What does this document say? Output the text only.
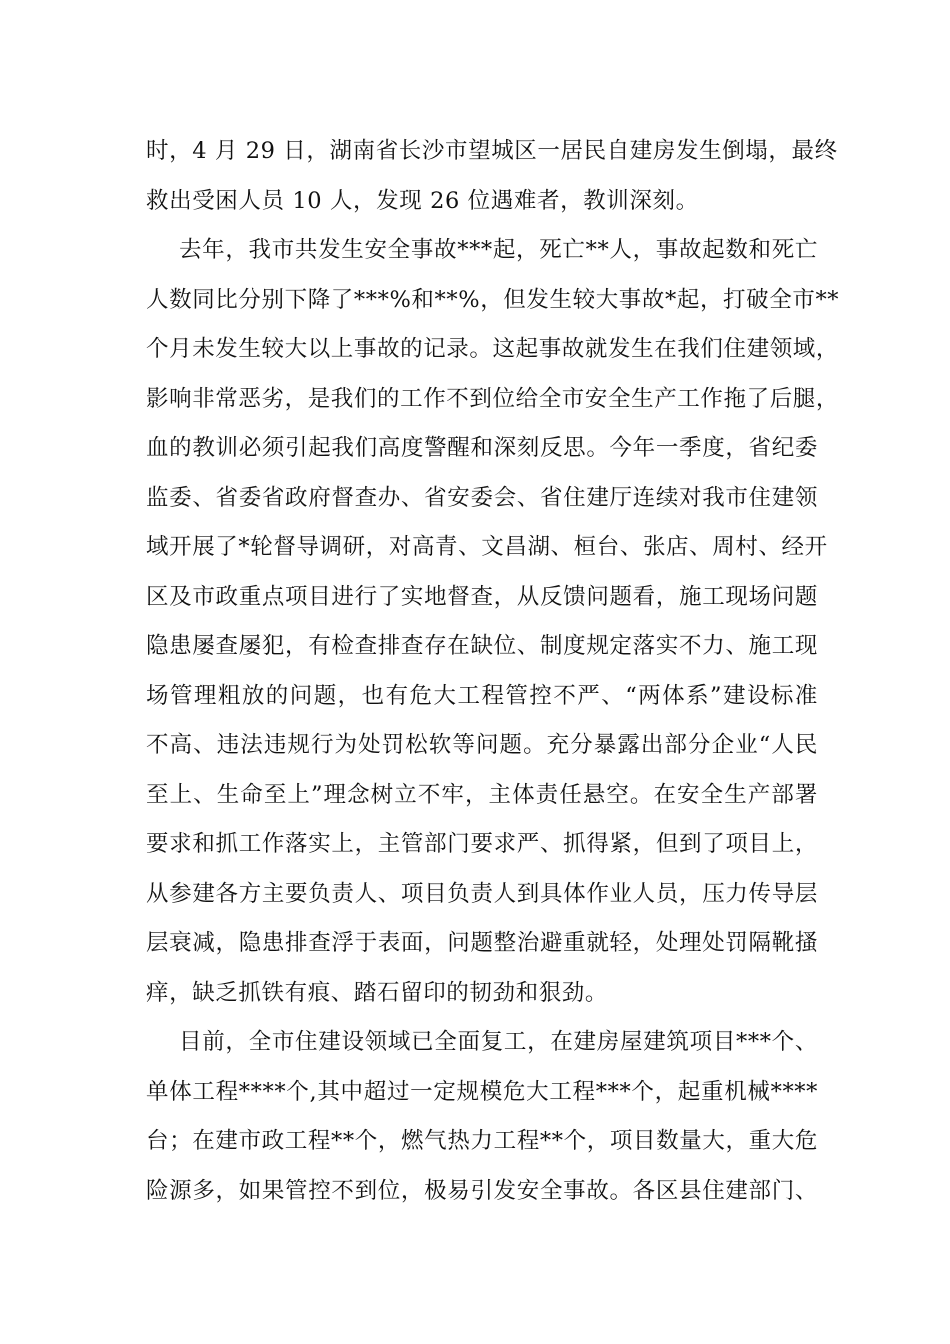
时，4 月 29 日，湖南省长沙市望城区一居民自建房发生倒塌，最终
救出受困人员 10 人，发现 26 位遇难者，教训深刻。
去年，我市共发生安全事故***起，死亡**人，事故起数和死亡
人数同比分别下降了***%和**%，但发生较大事故*起，打破全市**
个月未发生较大以上事故的记录。这起事故就发生在我们住建领域，
影响非常恶劣，是我们的工作不到位给全市安全生产工作拖了后腿，
血的教训必须引起我们高度警醒和深刻反思。今年一季度，省纪委
监委、省委省政府督查办、省安委会、省住建厅连续对我市住建领
域开展了*轮督导调研，对高青、文昌湖、桓台、张店、周村、经开
区及市政重点项目进行了实地督查，从反馈问题看，施工现场问题
隐患屡查屡犯，有检查排查存在缺位、制度规定落实不力、施工现
场管理粗放的问题，也有危大工程管控不严、“两体系”建设标准
不高、违法违规行为处罚松软等问题。充分暴露出部分企业“人民
至上、生命至上”理念树立不牢，主体责任悬空。在安全生产部署
要求和抓工作落实上，主管部门要求严、抓得紧，但到了项目上，
从参建各方主要负责人、项目负责人到具体作业人员，压力传导层
层衰减，隐患排查浮于表面，问题整治避重就轻，处理处罚隔靴搔
痒，缺乏抓铁有痕、踏石留印的韧劲和狠劲。
目前，全市住建设领域已全面复工，在建房屋建筑项目***个、
单体工程****个,其中超过一定规模危大工程***个，起重机械****
台；在建市政工程**个，燃气热力工程**个，项目数量大，重大危
险源多，如果管控不到位，极易引发安全事故。各区县住建部门、
